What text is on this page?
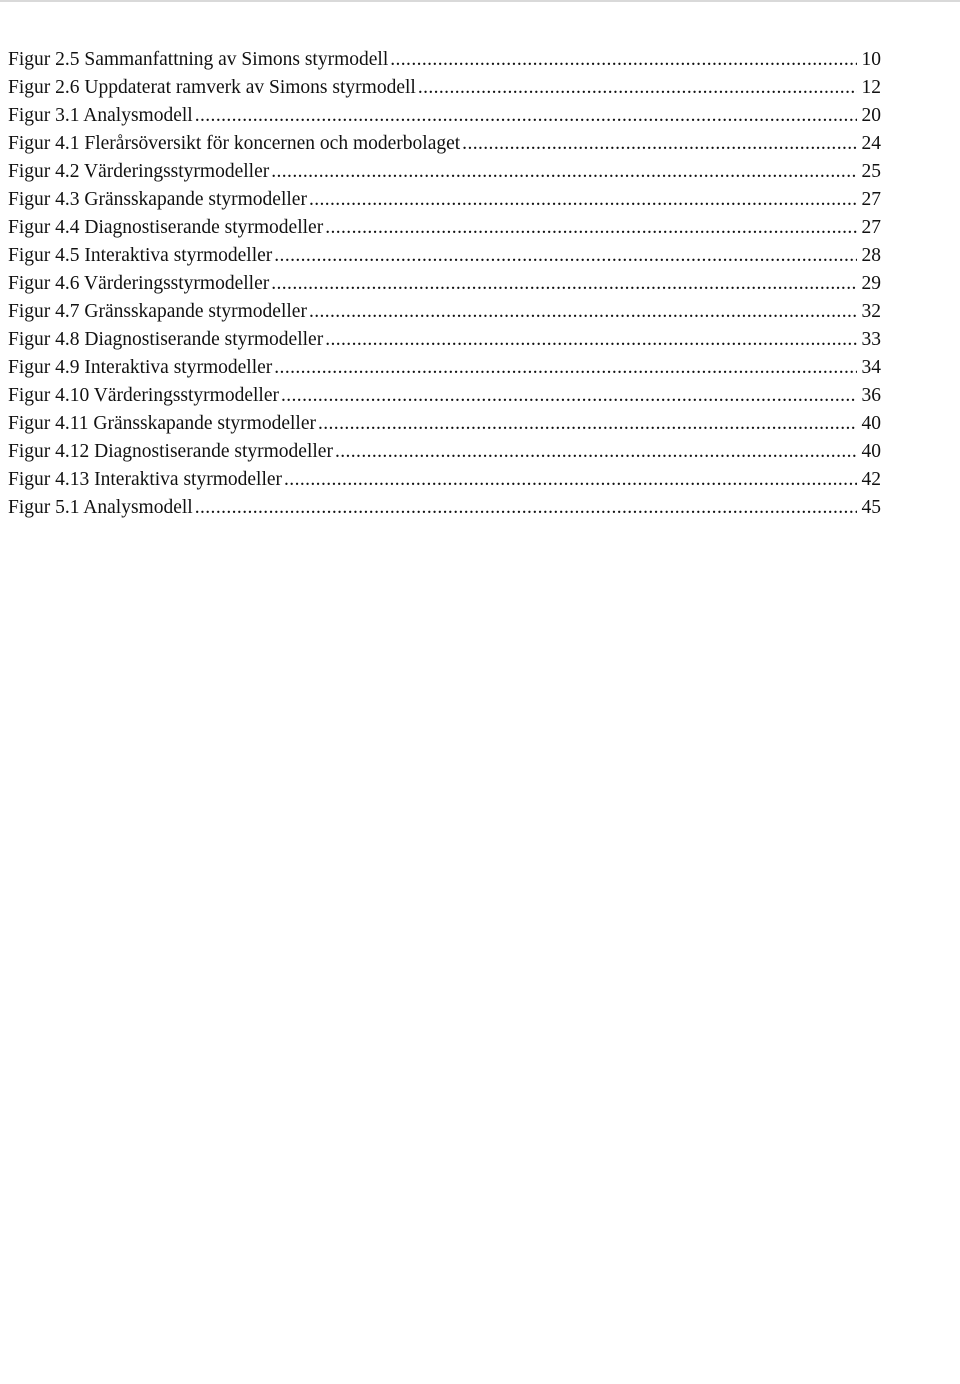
Figur 2.5 Sammanfattning av Simons styrmodell .....	10
Figur 2.6 Uppdaterat ramverk av Simons styrmodell .....	12
Figur 3.1 Analysmodell .....	20
Figur 4.1 Flerårsöversikt för koncernen och moderbolaget .....	24
Figur 4.2 Värderingsstyrmodeller .....	25
Figur 4.3 Gränsskapande styrmodeller .....	27
Figur 4.4 Diagnostiserande styrmodeller .....	27
Figur 4.5 Interaktiva styrmodeller .....	28
Figur 4.6 Värderingsstyrmodeller .....	29
Figur 4.7 Gränsskapande styrmodeller .....	32
Figur 4.8 Diagnostiserande styrmodeller .....	33
Figur 4.9 Interaktiva styrmodeller .....	34
Figur 4.10 Värderingsstyrmodeller .....	36
Figur 4.11 Gränsskapande styrmodeller .....	40
Figur 4.12 Diagnostiserande styrmodeller .....	40
Figur 4.13 Interaktiva styrmodeller .....	42
Figur 5.1 Analysmodell .....	45
